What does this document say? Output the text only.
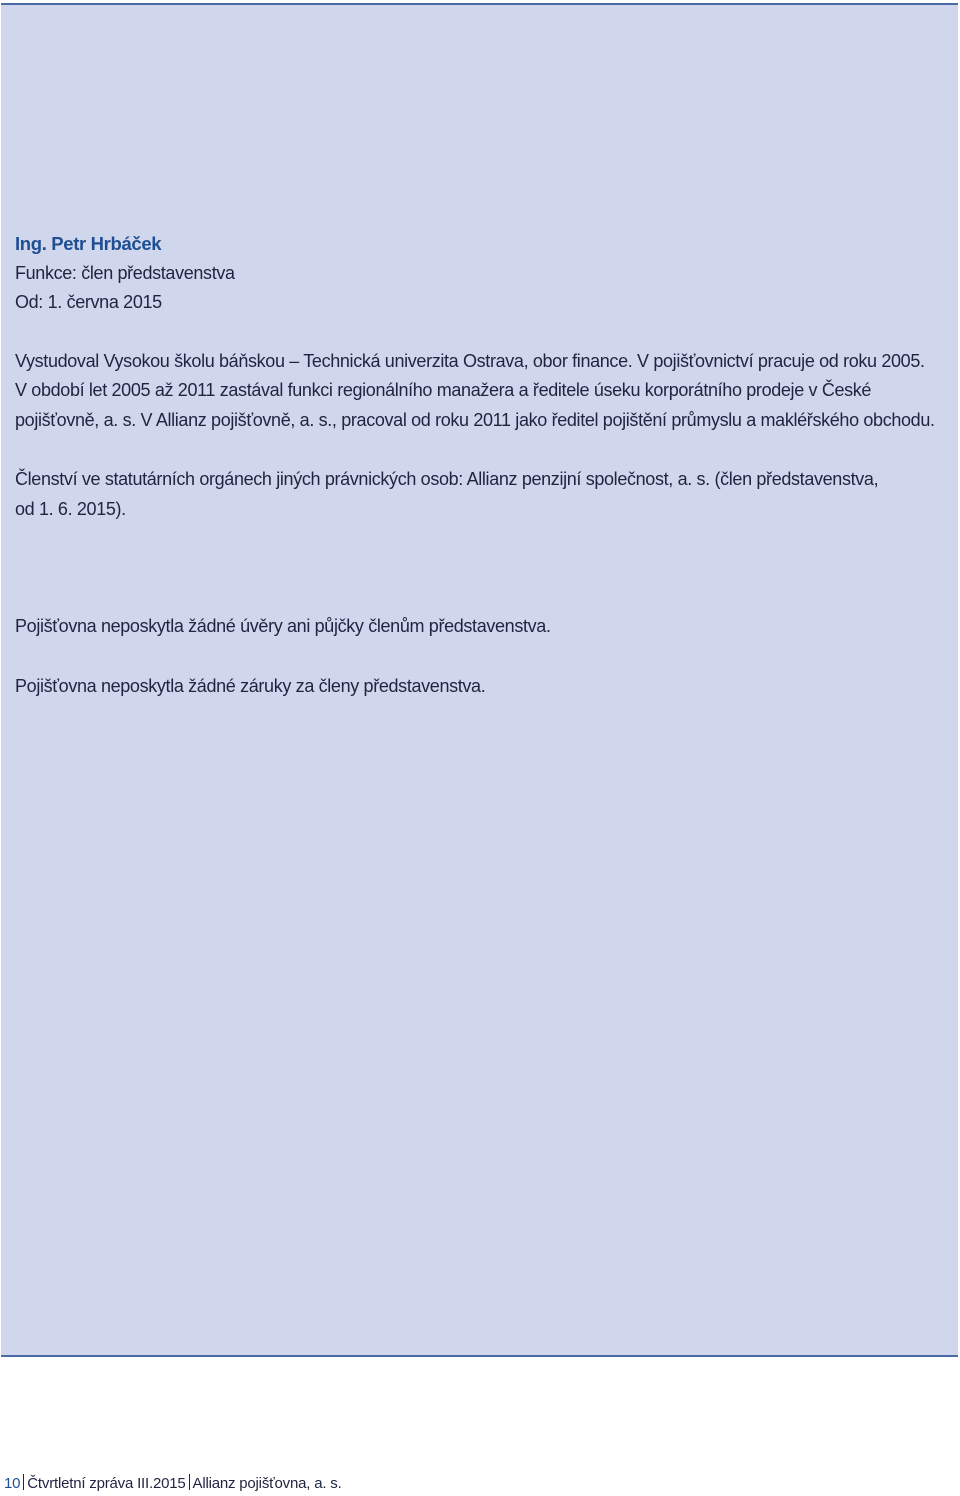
Ing. Petr Hrbáček
Funkce: člen představenstva
Od: 1. června 2015

Vystudoval Vysokou školu báňskou – Technická univerzita Ostrava, obor finance. V pojišťovnictví pracuje od roku 2005.
V období let 2005 až 2011 zastával funkci regionálního manažera a ředitele úseku korporátního prodeje v České
pojišťovně, a. s. V Allianz pojišťovně, a. s., pracoval od roku 2011 jako ředitel pojištění průmyslu a makléřského obchodu.

Členství ve statutárních orgánech jiných právnických osob: Allianz penzijní společnost, a. s. (člen představenstva,
od 1. 6. 2015).

Pojišťovna neposkytla žádné úvěry ani půjčky členům představenstva.

Pojišťovna neposkytla žádné záruky za členy představenstva.

10 Čtvrtletní zpráva III.2015 Allianz pojišťovna, a. s.
